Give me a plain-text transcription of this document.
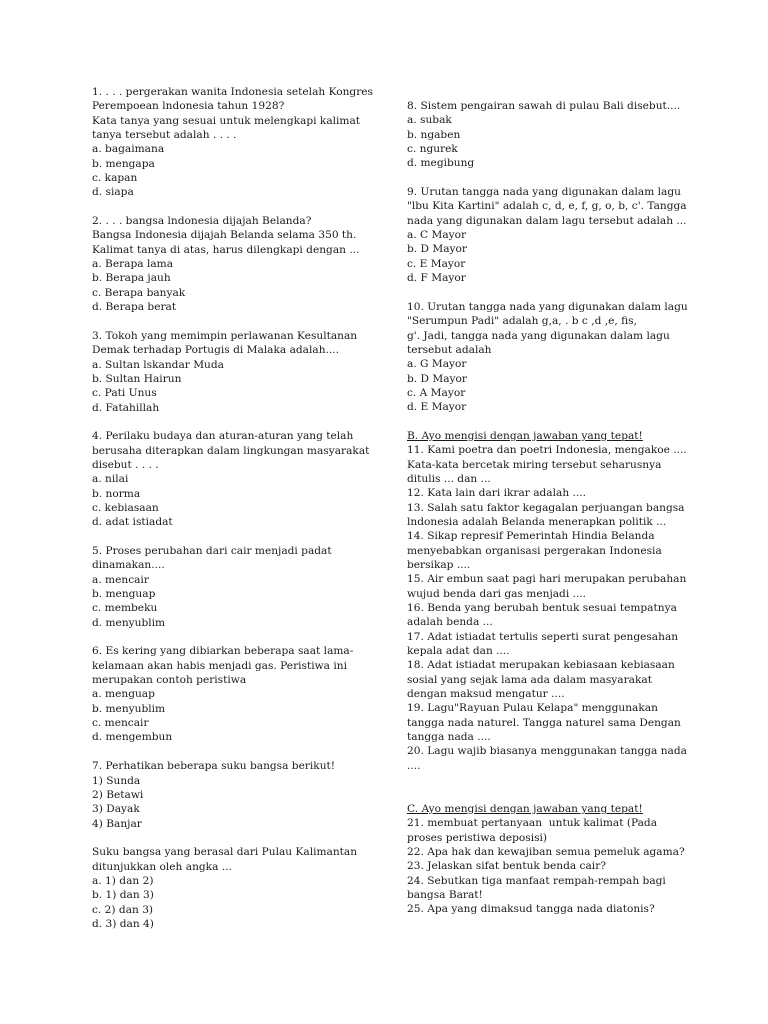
1. . . . pergerakan wanita Indonesia setelah Kongres
Perempoean lndonesia tahun 1928?
Kata tanya yang sesuai untuk melengkapi kalimat
tanya tersebut adalah . . . .
a. bagaimana
b. mengapa
c. kapan
d. siapa
2. . . . bangsa lndonesia dijajah Belanda?
Bangsa Indonesia dijajah Belanda selama 350 th.
Kalimat tanya di atas, harus dilengkapi dengan ...
a. Berapa lama
b. Berapa jauh
c. Berapa banyak
d. Berapa berat
3. Tokoh yang memimpin perlawanan Kesultanan
Demak terhadap Portugis di Malaka adalah....
a. Sultan lskandar Muda
b. Sultan Hairun
c. Pati Unus
d. Fatahillah
4. Perilaku budaya dan aturan-aturan yang telah
berusaha diterapkan dalam lingkungan masyarakat
disebut . . . .
a. nilai
b. norma
c. kebiasaan
d. adat istiadat
5. Proses perubahan dari cair menjadi padat
dinamakan....
a. mencair
b. menguap
c. membeku
d. menyublim
6. Es kering yang dibiarkan beberapa saat lama-
kelamaan akan habis menjadi gas. Peristiwa ini
merupakan contoh peristiwa
a. menguap
b. menyublim
c. mencair
d. mengembun
7. Perhatikan beberapa suku bangsa berikut!
1) Sunda
2) Betawi
3) Dayak
4) Banjar
Suku bangsa yang berasal dari Pulau Kalimantan
ditunjukkan oleh angka ...
a. 1) dan 2)
b. 1) dan 3)
c. 2) dan 3)
d. 3) dan 4)
8. Sistem pengairan sawah di pulau Bali disebut....
a. subak
b. ngaben
c. ngurek
d. megibung
9. Urutan tangga nada yang digunakan dalam lagu
"lbu Kita Kartini" adalah c, d, e, f, g, o, b, c'. Tangga
nada yang digunakan dalam lagu tersebut adalah ...
a. C Mayor
b. D Mayor
c. E Mayor
d. F Mayor
10. Urutan tangga nada yang digunakan dalam lagu
"Serumpun Padi" adalah g,a, . b c ,d ,e, fis,
g'. Jadi, tangga nada yang digunakan dalam lagu
tersebut adalah
a. G Mayor
b. D Mayor
c. A Mayor
d. E Mayor
B. Ayo mengisi dengan jawaban yang tepat!
11. Kami poetra dan poetri Indonesia, mengakoe ....
Kata-kata bercetak miring tersebut seharusnya
ditulis ... dan ...
12. Kata lain dari ikrar adalah ....
13. Salah satu faktor kegagalan perjuangan bangsa
lndonesia adalah Belanda menerapkan politik ...
14. Sikap represif Pemerintah Hindia Belanda
menyebabkan organisasi pergerakan Indonesia
bersikap ....
15. Air embun saat pagi hari merupakan perubahan
wujud benda dari gas menjadi ....
16. Benda yang berubah bentuk sesuai tempatnya
adalah benda ...
17. Adat istiadat tertulis seperti surat pengesahan
kepala adat dan ....
18. Adat istiadat merupakan kebiasaan kebiasaan
sosial yang sejak lama ada dalam masyarakat
dengan maksud mengatur ....
19. Lagu"Rayuan Pulau Kelapa" menggunakan
tangga nada naturel. Tangga naturel sama Dengan
tangga nada ....
20. Lagu wajib biasanya menggunakan tangga nada
....
C. Ayo mengisi dengan jawaban yang tepat!
21. membuat pertanyaan  untuk kalimat (Pada
proses peristiwa deposisi)
22. Apa hak dan kewajiban semua pemeluk agama?
23. Jelaskan sifat bentuk benda cair?
24. Sebutkan tiga manfaat rempah-rempah bagi
bangsa Barat!
25. Apa yang dimaksud tangga nada diatonis?
